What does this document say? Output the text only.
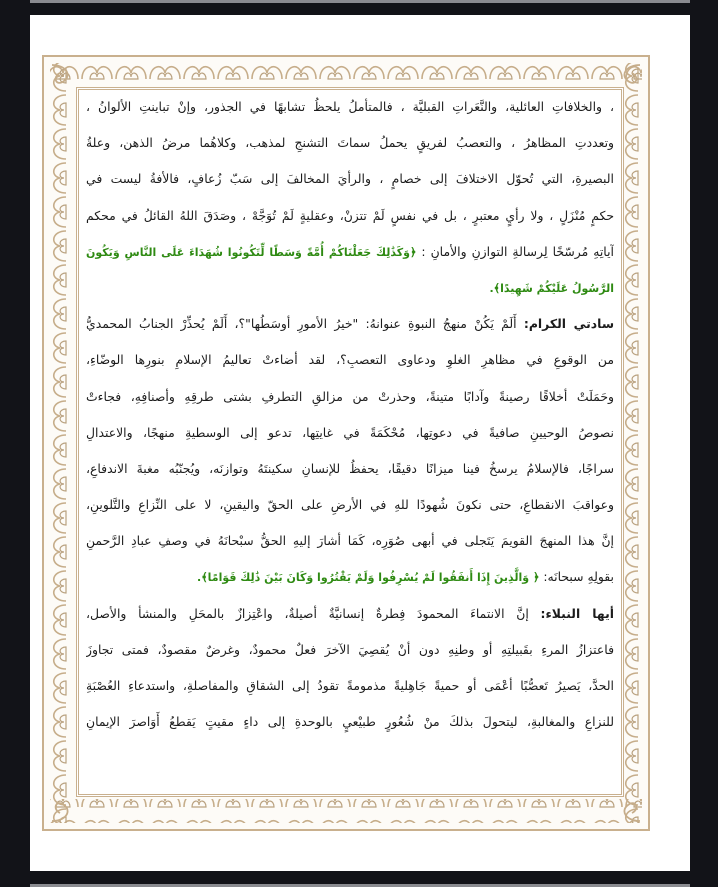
، والخلافاتِ العائلية، والنَّعَراتِ القبليَّة ، فالمتأملُ يلحظُ تشابهًا في الجذور، وإنْ تباينتِ الألوانُ ،
وتعددتِ المظاهرُ ، والتعصبُ لفريقٍ يحملُ سماتَ التشنجِ لمذهب، وكلاهُما مرضُ الذهن، وعلةُ
البصيرةِ، التي تُحوّل الاختلافَ إلى خصامٍ ، والرأيَ المخالفَ إلى سَبّ زُعافٍ، فالأفةُ ليست في
حكمٍ مُنْزَلٍ ، ولا رأيٍ معتبرٍ ، بل في نفسٍ لَمْ تتزنْ، وعقليةٍ لَمْ تُوَجَّهْ ، وصَدَقَ اللهُ القائلُ في محكم
آياتِهِ مُرسّخًا لِرسالةِ التوازنِ والأمانِ : ﴿وَكَذَٰلِكَ جَعَلْنَاكُمْ أُمَّةً وَسَطًا لِّتَكُونُوا شُهَدَاءَ عَلَى النَّاسِ وَيَكُونَ
الرَّسُولُ عَلَيْكُمْ شَهِيدًا﴾.
سادتي الكرام: أَلَمْ يَكُنْ منهجُ النبوةِ عنوانهُ: "خيرُ الأمورِ أوسَطُها"؟، أَلَمْ يُحذِّرْ الجنابُ المحمديُّ
من الوقوعِ في مظاهرِ الغلوِ ودعاوى التعصبِ؟، لقد أضاءتْ تعاليمُ الإسلامِ بنورِها الوضّاءِ،
وحَمَلَتْ أخلاقًا رصينةً وآدابًا متينةً، وحذرتْ من مزالقِ التطرفِ بشتى طرقِهِ وأصنافِهِ، فجاءتْ
نصوصُ الوحيينِ صافيةً في دعوتِها، مُحْكَمَةً في غايتِها، تدعو إلى الوسطيةِ منهجًا، والاعتدالِ
سراجًا، فالإسلامُ يرسخُ فينا ميزانًا دقيقًا، يحفظُ للإنسانِ سكينتَهُ وتوازنَه، ويُجنّبُه مغبةَ الاندفاعِ،
وعواقبَ الانقطاعِ، حتى نكونَ شُهودًا للهِ في الأرضِ على الحقّ واليقينِ، لا على النِّزاعِ والتَّلوينِ،
إنَّ هذا المنهجَ القويمَ يَتَجلى في أبهى صُوَرِه، كَمَا أشارَ إليهِ الحقُّ سبْحانَهُ في وصفِ عبادِ الرَّحمنِ
بقولِهِ سبحانَه: ﴿ وَالَّذِينَ إِذَا أَنفَقُوا لَمْ يُسْرِفُوا وَلَمْ يَقْتُرُوا وَكَانَ بَيْنَ ذَٰلِكَ قَوَامًا﴾.
أيها النبلاء: إنَّ الانتماءَ المحمودَ فِطرةٌ إنسانيَّةٌ أصيلةٌ، واعْتِزازٌ بالمحَلِ والمنشأ والأصل،
فاعتزازُ المرءِ بقَبيلتِهِ أو وطنِهِ دون أنْ يُقصِيَ الآخرَ فعلٌ محمودٌ، وغرضٌ مقصودٌ، فمتى تجاوزَ
الحدَّ، يَصيرُ تَعصُّبًا أعْمَى أو حميةً جَاهِليةً مذمومةً تقودُ إلى الشقاقِ والمفاصلةِ، واستدعاءِ العُصْبَةِ
للنزاعِ والمغالبةِ، ليتحولَ بذلكَ منْ شُعُورٍ طبيْعيٍ بالوحدةِ إلى داءٍ مقيتٍ يَقطعُ أَوَاصرَ الإيمانِ
